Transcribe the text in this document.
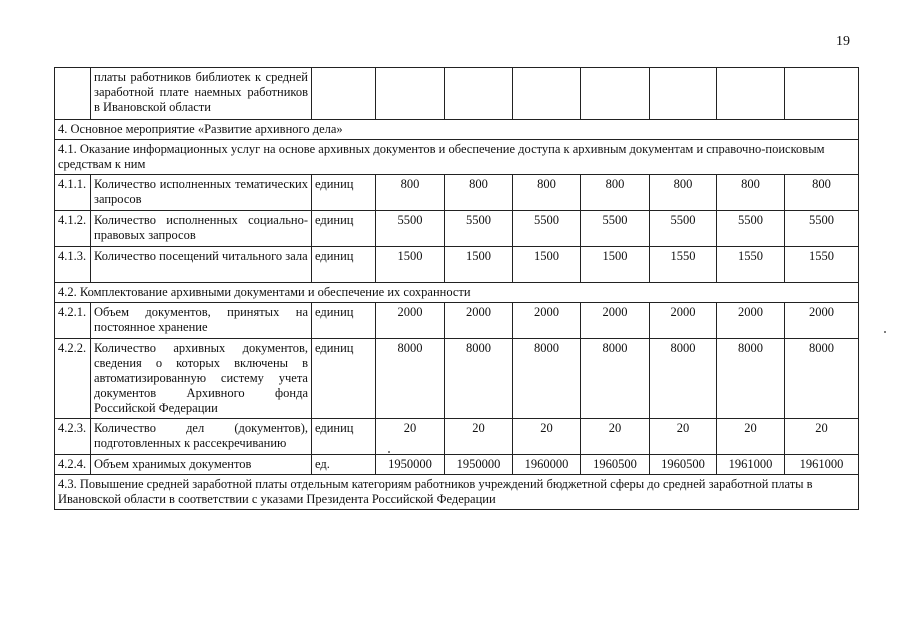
19
	платы работников библиотек к средней заработной плате наемных работников в Ивановской области								
4. Основное мероприятие «Развитие архивного дела»									
4.1. Оказание информационных услуг на основе архивных документов и обеспечение доступа к архивным документам и справочно-поисковым средствам к ним									
4.1.1.	Количество исполненных тематических запросов	единиц	800	800	800	800	800	800	800
4.1.2.	Количество исполненных социально-правовых запросов	единиц	5500	5500	5500	5500	5500	5500	5500
4.1.3.	Количество посещений читального зала	единиц	1500	1500	1500	1500	1550	1550	1550
4.2. Комплектование архивными документами и обеспечение их сохранности									
4.2.1.	Объем документов, принятых на постоянное хранение	единиц	2000	2000	2000	2000	2000	2000	2000
4.2.2.	Количество архивных документов, сведения о которых включены в автоматизированную систему учета документов Архивного фонда Российской Федерации	единиц	8000	8000	8000	8000	8000	8000	8000
4.2.3.	Количество дел (документов), подготовленных к рассекречиванию	единиц	20	20	20	20	20	20	20
4.2.4.	Объем хранимых документов	ед.	1950000	1950000	1960000	1960500	1960500	1961000	1961000
4.3. Повышение средней заработной платы отдельным категориям работников учреждений бюджетной сферы до средней заработной платы в Ивановской области в соответствии с указами Президента Российской Федерации									
